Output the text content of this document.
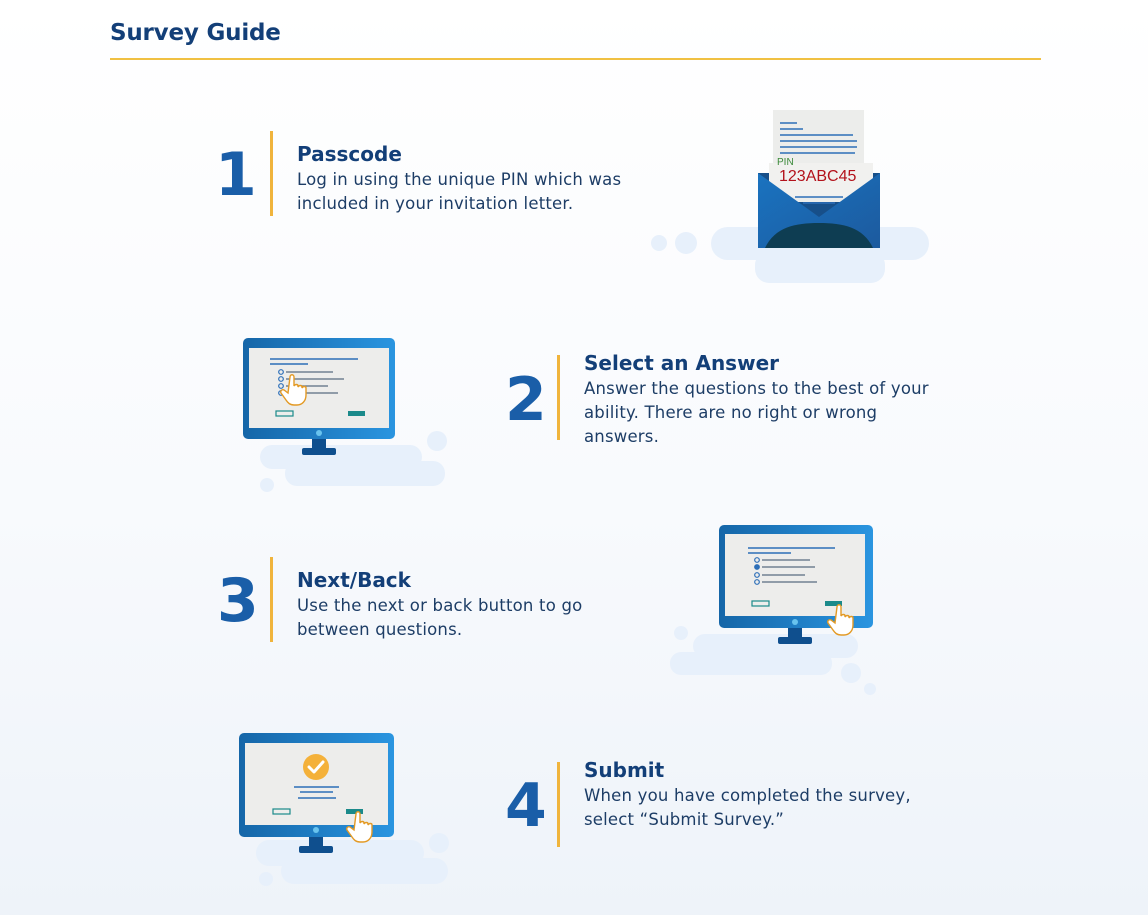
Survey Guide
1 Passcode
Log in using the unique PIN which was included in your invitation letter.
PIN
123ABC45
2
Select an Answer
Answer the questions to the best of your ability. There are no right or wrong answers.
3 Next/Back
Use the next or back button to go between questions.
4
Submit
When you have completed the survey, select “Submit Survey.”
